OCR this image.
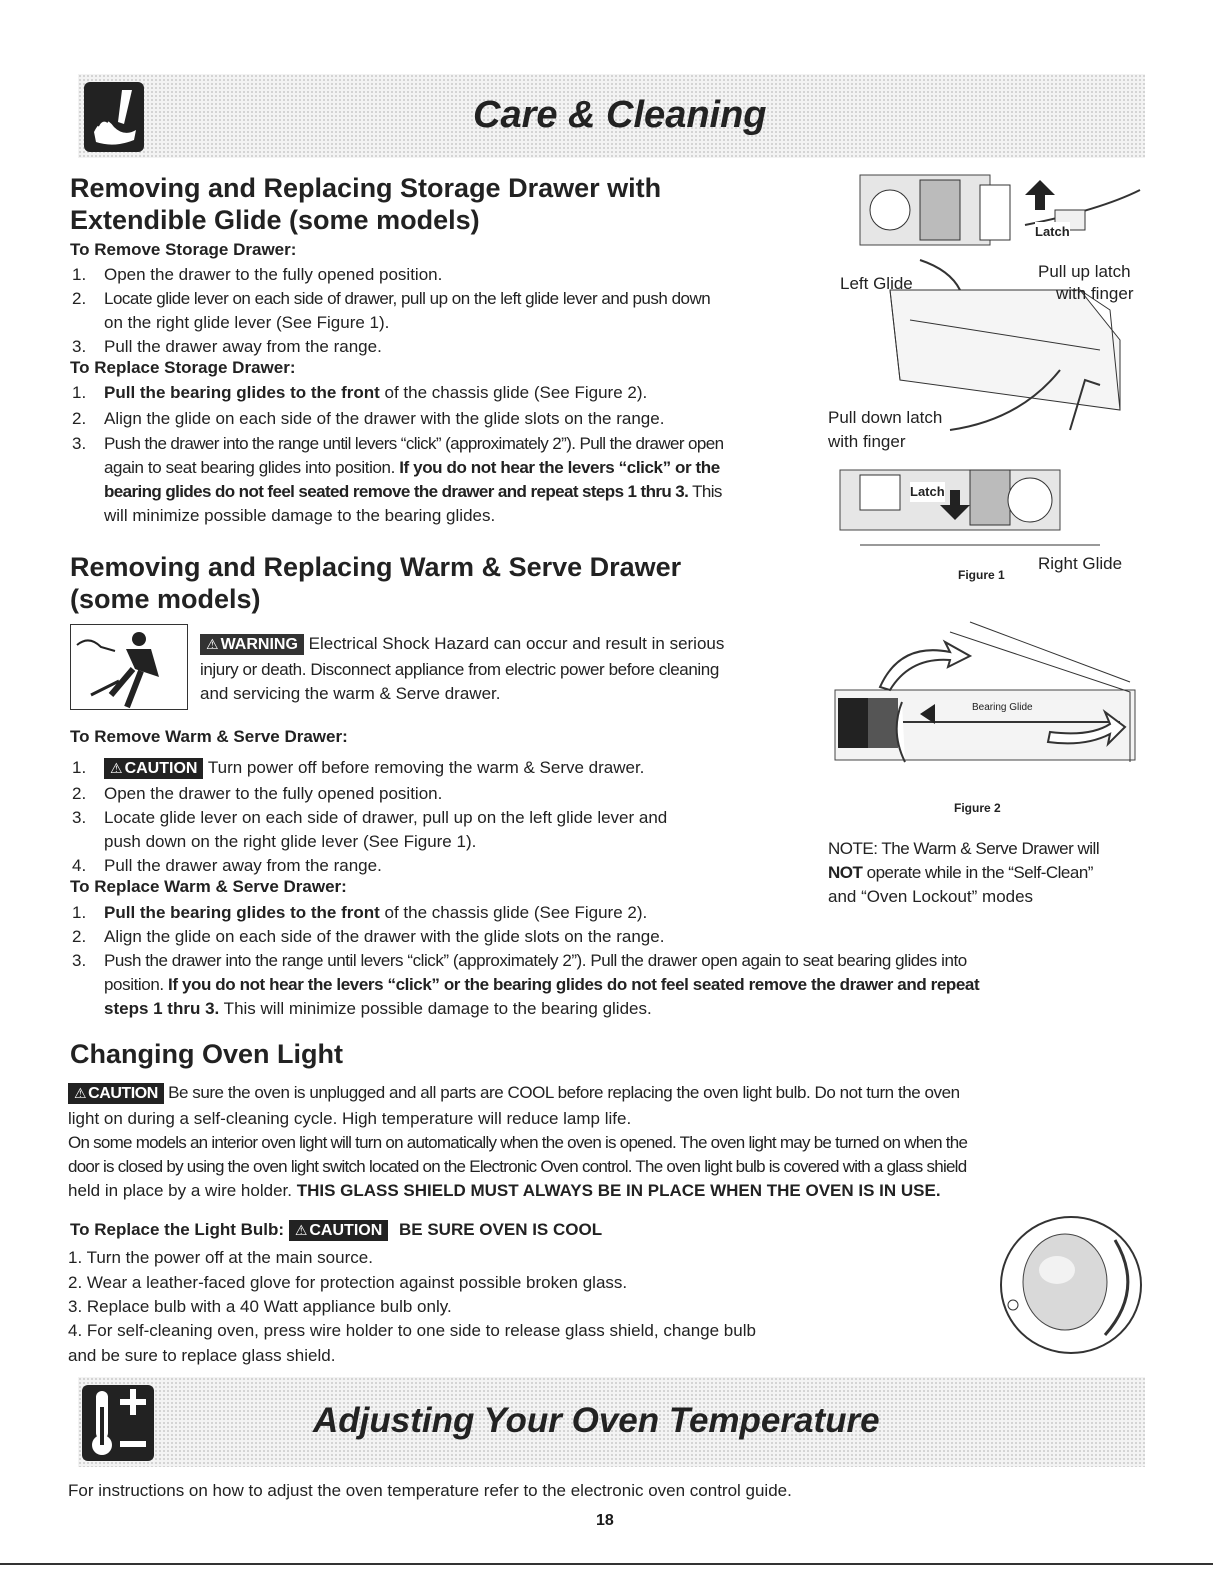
Care & Cleaning
Removing and Replacing Storage Drawer with
Extendible Glide (some models)
To Remove Storage Drawer:
1. Open the drawer to the fully opened position.
2. Locate glide lever on each side of drawer, pull up on the left glide lever and push down
on the right glide lever (See Figure 1).
3. Pull the drawer away from the range.
To Replace Storage Drawer:
1. Pull the bearing glides to the front of the chassis glide (See Figure 2).
2. Align the glide on each side of the drawer with the glide slots on the range.
3. Push the drawer into the range until levers “click” (approximately 2”). Pull the drawer open
again to seat bearing glides into position. If you do not hear the levers “click” or the
bearing glides do not feel seated remove the drawer and repeat steps 1 thru 3. This
will minimize possible damage to the bearing glides.
Latch
Latch
Left Glide
Pull up latch
with finger
Pull down latch
with finger
Right Glide
Figure 1
Removing and Replacing Warm & Serve Drawer
(some models)
⚠ WARNING Electrical Shock Hazard can occur and result in serious
injury or death. Disconnect appliance from electric power before cleaning
and servicing the warm & Serve drawer.
To Remove Warm & Serve Drawer:
1.	⚠ CAUTION Turn power off before removing the warm & Serve drawer.
2. Open the drawer to the fully opened position.
3. Locate glide lever on each side of drawer, pull up on the left glide lever and
push down on the right glide lever (See Figure 1).
4. Pull the drawer away from the range.
To Replace Warm & Serve Drawer:
1. Pull the bearing glides to the front of the chassis glide (See Figure 2).
2. Align the glide on each side of the drawer with the glide slots on the range.
3. Push the drawer into the range until levers “click” (approximately 2”). Pull the drawer open again to seat bearing glides into
position. If you do not hear the levers “click” or the bearing glides do not feel seated remove the drawer and repeat
steps 1 thru 3. This will minimize possible damage to the bearing glides.
Bearing Glide
Figure 2
NOTE: The Warm & Serve Drawer will
NOT operate while in the “Self-Clean”
and “Oven Lockout” modes
Changing Oven Light
⚠ CAUTION Be sure the oven is unplugged and all parts are COOL before replacing the oven light bulb. Do not turn the oven
light on during a self-cleaning cycle. High temperature will reduce lamp life.
On some models an interior oven light will turn on automatically when the oven is opened. The oven light may be turned on when the
door is closed by using the oven light switch located on the Electronic Oven control. The oven light bulb is covered with a glass shield
held in place by a wire holder. THIS GLASS SHIELD MUST ALWAYS BE IN PLACE WHEN THE OVEN IS IN USE.
To Replace the Light Bulb: ⚠ CAUTION BE SURE OVEN IS COOL
1. Turn the power off at the main source.
2. Wear a leather-faced glove for protection against possible broken glass.
3. Replace bulb with a 40 Watt appliance bulb only.
4. For self-cleaning oven, press wire holder to one side to release glass shield, change bulb
and be sure to replace glass shield.
Adjusting Your Oven Temperature
For instructions on how to adjust the oven temperature refer to the electronic oven control guide.
18
